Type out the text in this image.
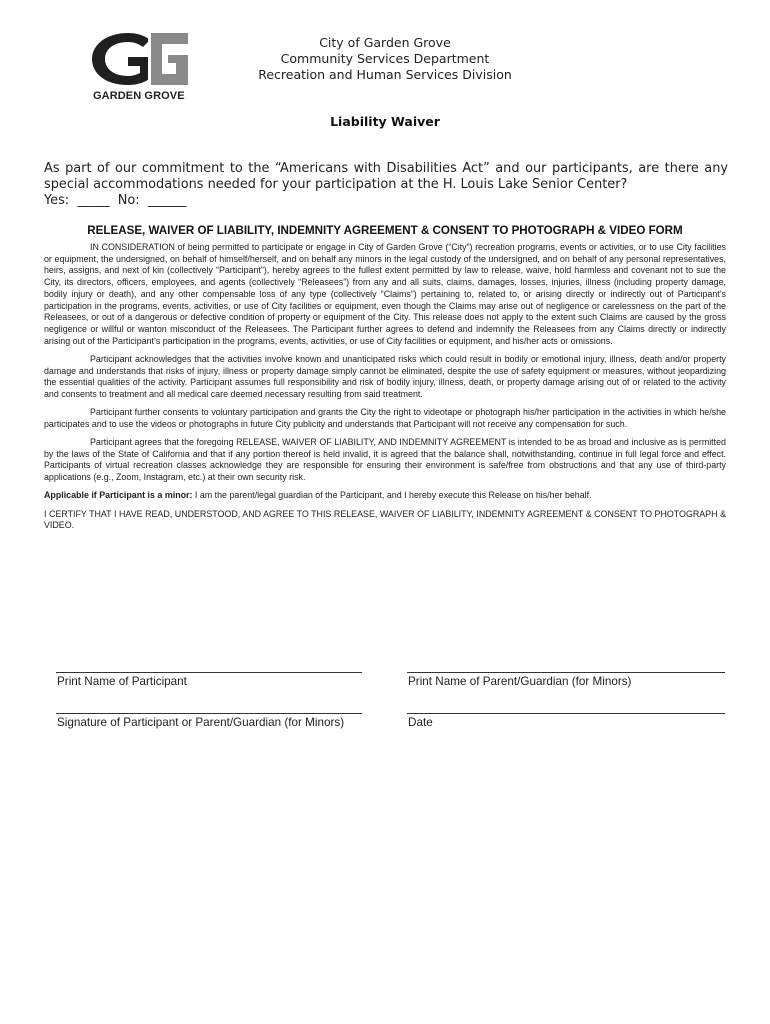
GARDEN GROVE
City of Garden Grove
Community Services Department
Recreation and Human Services Division
Liability Waiver
As part of our commitment to the “Americans with Disabilities Act” and our participants, are there any special accommodations needed for your participation at the H. Louis Lake Senior Center?
Yes:  _____  No:  ______
RELEASE, WAIVER OF LIABILITY, INDEMNITY AGREEMENT & CONSENT TO PHOTOGRAPH & VIDEO FORM

IN CONSIDERATION of being permitted to participate or engage in City of Garden Grove (“City”) recreation programs, events or activities, or to use City facilities or equipment, the undersigned, on behalf of himself/herself, and on behalf any minors in the legal custody of the undersigned, and on behalf of any personal representatives, heirs, assigns, and next of kin (collectively “Participant”), hereby agrees to the fullest extent permitted by law to release, waive, hold harmless and covenant not to sue the City, its directors, officers, employees, and agents (collectively “Releasees”) from any and all suits, claims, damages, losses, injuries, illness (including property damage, bodily injury or death), and any other compensable loss of any type (collectively “Claims”) pertaining to, related to, or arising directly or indirectly out of Participant’s participation in the programs, events, activities, or use of City facilities or equipment, even though the Claims may arise out of negligence or carelessness on the part of the Releasees, or out of a dangerous or defective condition of property or equipment of the City. This release does not apply to the extent such Claims are caused by the gross negligence or willful or wanton misconduct of the Releasees. The Participant further agrees to defend and indemnify the Releasees from any Claims directly or indirectly arising out of the Participant’s participation in the programs, events, activities, or use of City facilities or equipment, and his/her acts or omissions.

Participant acknowledges that the activities involve known and unanticipated risks which could result in bodily or emotional injury, illness, death and/or property damage and understands that risks of injury, illness or property damage simply cannot be eliminated, despite the use of safety equipment or measures, without jeopardizing the essential qualities of the activity. Participant assumes full responsibility and risk of bodily injury, illness, death, or property damage arising out of or related to the activity and consents to treatment and all medical care deemed necessary resulting from said treatment.

Participant further consents to voluntary participation and grants the City the right to videotape or photograph his/her participation in the activities in which he/she participates and to use the videos or photographs in future City publicity and understands that Participant will not receive any compensation for such.

Participant agrees that the foregoing RELEASE, WAIVER OF LIABILITY, AND INDEMNITY AGREEMENT is intended to be as broad and inclusive as is permitted by the laws of the State of California and that if any portion thereof is held invalid, it is agreed that the balance shall, notwithstanding, continue in full legal force and effect. Participants of virtual recreation classes acknowledge they are responsible for ensuring their environment is safe/free from obstructions and that any use of third-party applications (e.g., Zoom, Instagram, etc.) at their own security risk.

Applicable if Participant is a minor: I am the parent/legal guardian of the Participant, and I hereby execute this Release on his/her behalf.

I CERTIFY THAT I HAVE READ, UNDERSTOOD, AND AGREE TO THIS RELEASE, WAIVER OF LIABILITY, INDEMNITY AGREEMENT & CONSENT TO PHOTOGRAPH & VIDEO.

Print Name of Participant	Print Name of Parent/Guardian (for Minors)
Signature of Participant or Parent/Guardian (for Minors)	Date
